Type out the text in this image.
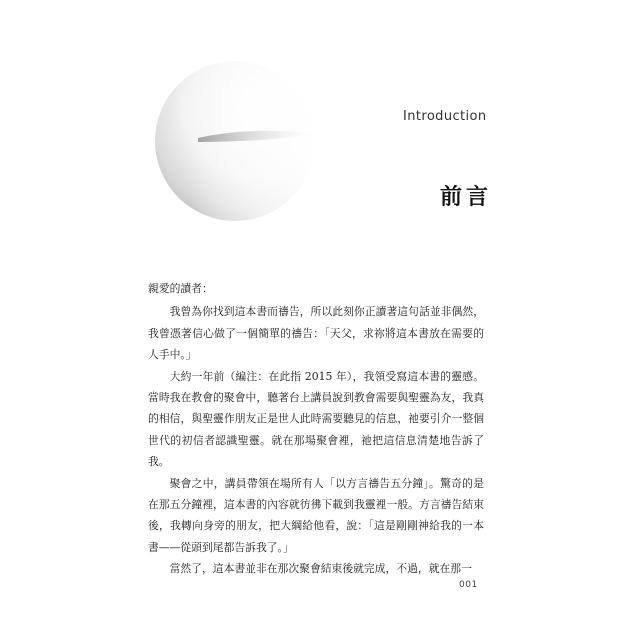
Introduction
前言

親愛的讀者：

我曾為你找到這本書而禱告，所以此刻你正讀著這句話並非偶然，我曾憑著信心做了一個簡單的禱告：「天父，求祢將這本書放在需要的人手中。」

大約一年前（編注：在此指 2015 年），我領受寫這本書的靈感。當時我在教會的聚會中，聽著台上講員說到教會需要與聖靈為友，我真的相信，與聖靈作朋友正是世人此時需要聽見的信息，祂要引介一整個世代的初信者認識聖靈。就在那場聚會裡，祂把這信息清楚地告訴了我。

聚會之中，講員帶領在場所有人「以方言禱告五分鐘」。驚奇的是在那五分鐘裡，這本書的內容就彷彿下載到我靈裡一般。方言禱告結束後，我轉向身旁的朋友，把大綱給他看，說：「這是剛剛神給我的一本書——從頭到尾都告訴我了。」

當然了，這本書並非在那次聚會結束後就完成，不過，就在那一

001
